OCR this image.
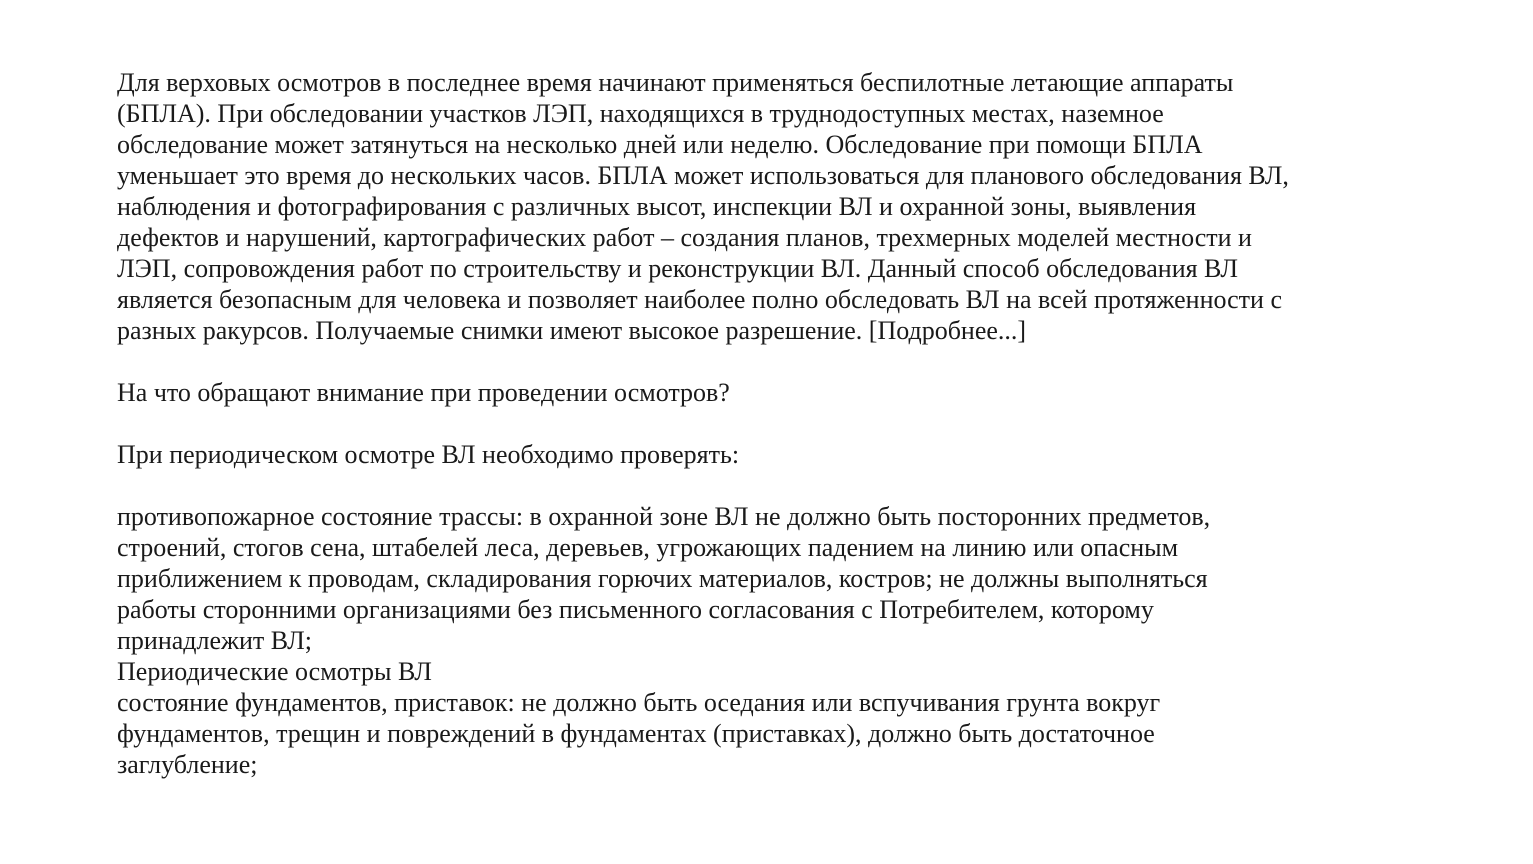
Для верховых осмотров в последнее время начинают применяться беспилотные летающие аппараты
(БПЛА). При обследовании участков ЛЭП, находящихся в труднодоступных местах, наземное
обследование может затянуться на несколько дней или неделю. Обследование при помощи БПЛА
уменьшает это время до нескольких часов. БПЛА может использоваться для планового обследования ВЛ,
наблюдения и фотографирования с различных высот, инспекции ВЛ и охранной зоны, выявления
дефектов и нарушений, картографических работ – создания планов, трехмерных моделей местности и
ЛЭП, сопровождения работ по строительству и реконструкции ВЛ. Данный способ обследования ВЛ
является безопасным для человека и позволяет наиболее полно обследовать ВЛ на всей протяженности с
разных ракурсов. Получаемые снимки имеют высокое разрешение. [Подробнее...]
На что обращают внимание при проведении осмотров?
При периодическом осмотре ВЛ необходимо проверять:
противопожарное состояние трассы: в охранной зоне ВЛ не должно быть посторонних предметов,
строений, стогов сена, штабелей леса, деревьев, угрожающих падением на линию или опасным
приближением к проводам, складирования горючих материалов, костров; не должны выполняться
работы сторонними организациями без письменного согласования с Потребителем, которому
принадлежит ВЛ;
Периодические осмотры ВЛ
состояние фундаментов, приставок: не должно быть оседания или вспучивания грунта вокруг
фундаментов, трещин и повреждений в фундаментах (приставках), должно быть достаточное
заглубление;
